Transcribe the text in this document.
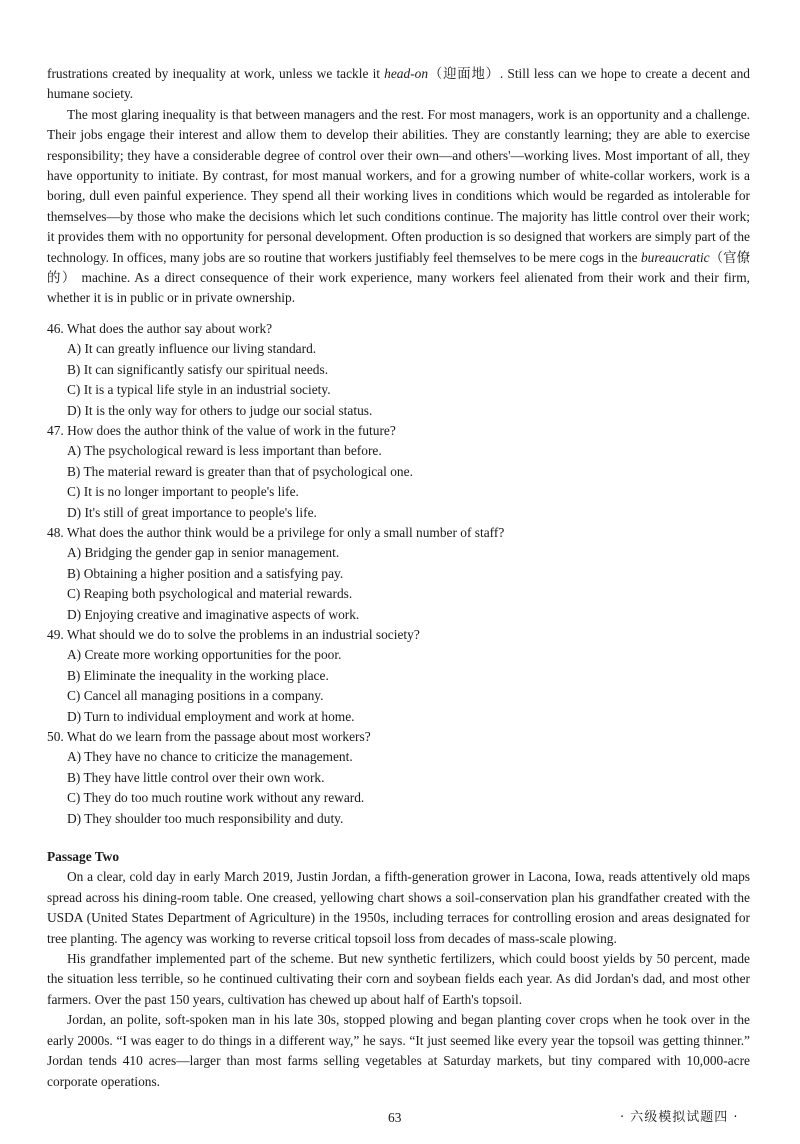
frustrations created by inequality at work, unless we tackle it head-on（迎面地）. Still less can we hope to create a decent and humane society.

The most glaring inequality is that between managers and the rest. For most managers, work is an opportunity and a challenge. Their jobs engage their interest and allow them to develop their abilities. They are constantly learning; they are able to exercise responsibility; they have a considerable degree of control over their own—and others'—working lives. Most important of all, they have opportunity to initiate. By contrast, for most manual workers, and for a growing number of white-collar workers, work is a boring, dull even painful experience. They spend all their working lives in conditions which would be regarded as intolerable for themselves—by those who make the decisions which let such conditions continue. The majority has little control over their work; it provides them with no opportunity for personal development. Often production is so designed that workers are simply part of the technology. In offices, many jobs are so routine that workers justifiably feel themselves to be mere cogs in the bureaucratic（官僚的） machine. As a direct consequence of their work experience, many workers feel alienated from their work and their firm, whether it is in public or in private ownership.

46. What does the author say about work?

A) It can greatly influence our living standard.

B) It can significantly satisfy our spiritual needs.

C) It is a typical life style in an industrial society.

D) It is the only way for others to judge our social status.

47. How does the author think of the value of work in the future?

A) The psychological reward is less important than before.

B) The material reward is greater than that of psychological one.

C) It is no longer important to people's life.

D) It's still of great importance to people's life.

48. What does the author think would be a privilege for only a small number of staff?

A) Bridging the gender gap in senior management.

B) Obtaining a higher position and a satisfying pay.

C) Reaping both psychological and material rewards.

D) Enjoying creative and imaginative aspects of work.

49. What should we do to solve the problems in an industrial society?

A) Create more working opportunities for the poor.

B) Eliminate the inequality in the working place.

C) Cancel all managing positions in a company.

D) Turn to individual employment and work at home.

50. What do we learn from the passage about most workers?

A) They have no chance to criticize the management.

B) They have little control over their own work.

C) They do too much routine work without any reward.

D) They shoulder too much responsibility and duty.

Passage Two

On a clear, cold day in early March 2019, Justin Jordan, a fifth-generation grower in Lacona, Iowa, reads attentively old maps spread across his dining-room table. One creased, yellowing chart shows a soil-conservation plan his grandfather created with the USDA (United States Department of Agriculture) in the 1950s, including terraces for controlling erosion and areas designated for tree planting. The agency was working to reverse critical topsoil loss from decades of mass-scale plowing.

His grandfather implemented part of the scheme. But new synthetic fertilizers, which could boost yields by 50 percent, made the situation less terrible, so he continued cultivating their corn and soybean fields each year. As did Jordan's dad, and most other farmers. Over the past 150 years, cultivation has chewed up about half of Earth's topsoil.

Jordan, an polite, soft-spoken man in his late 30s, stopped plowing and began planting cover crops when he took over in the early 2000s. “I was eager to do things in a different way,” he says. “It just seemed like every year the topsoil was getting thinner.” Jordan tends 410 acres—larger than most farms selling vegetables at Saturday markets, but tiny compared with 10,000-acre corporate operations.

63	· 六级模拟试题四 ·
